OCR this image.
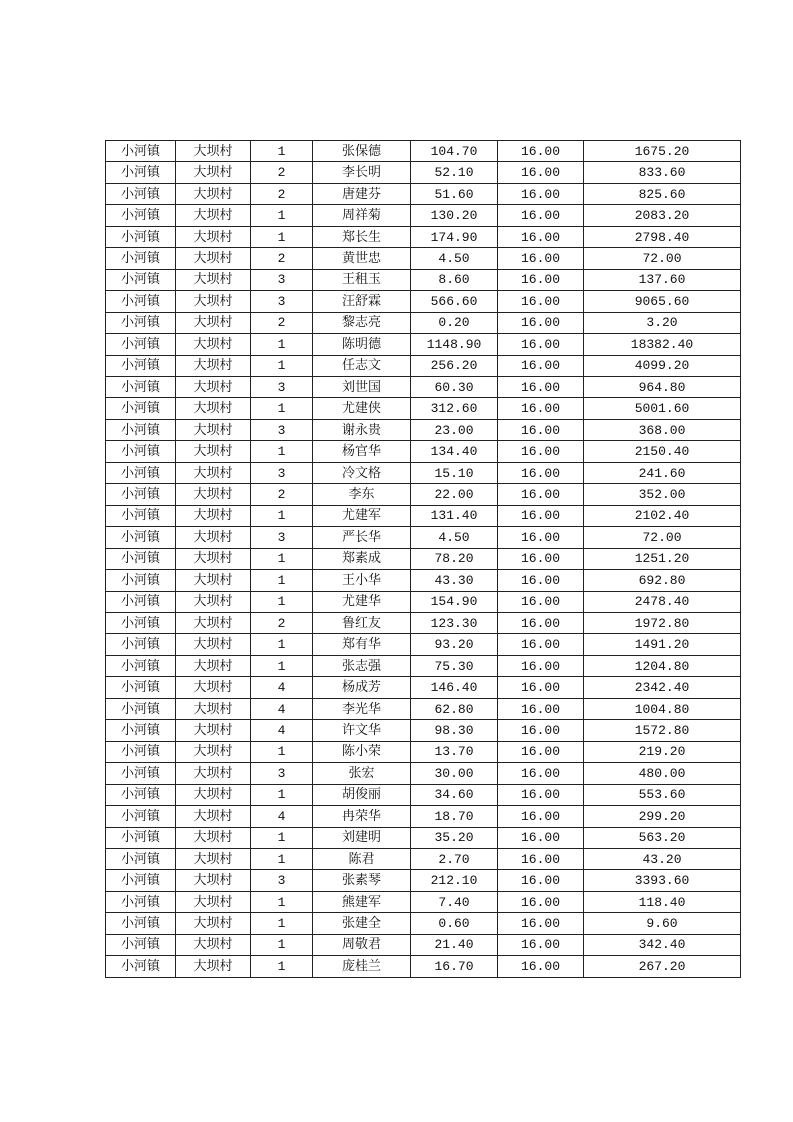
小河镇	大坝村	1	张保德	104.70	16.00	1675.20
小河镇	大坝村	2	李长明	52.10	16.00	833.60
小河镇	大坝村	2	唐建芬	51.60	16.00	825.60
小河镇	大坝村	1	周祥菊	130.20	16.00	2083.20
小河镇	大坝村	1	郑长生	174.90	16.00	2798.40
小河镇	大坝村	2	黄世忠	4.50	16.00	72.00
小河镇	大坝村	3	王租玉	8.60	16.00	137.60
小河镇	大坝村	3	汪舒霖	566.60	16.00	9065.60
小河镇	大坝村	2	黎志亮	0.20	16.00	3.20
小河镇	大坝村	1	陈明德	1148.90	16.00	18382.40
小河镇	大坝村	1	任志文	256.20	16.00	4099.20
小河镇	大坝村	3	刘世国	60.30	16.00	964.80
小河镇	大坝村	1	尤建侠	312.60	16.00	5001.60
小河镇	大坝村	3	谢永贵	23.00	16.00	368.00
小河镇	大坝村	1	杨官华	134.40	16.00	2150.40
小河镇	大坝村	3	冷文格	15.10	16.00	241.60
小河镇	大坝村	2	李东	22.00	16.00	352.00
小河镇	大坝村	1	尤建军	131.40	16.00	2102.40
小河镇	大坝村	3	严长华	4.50	16.00	72.00
小河镇	大坝村	1	郑素成	78.20	16.00	1251.20
小河镇	大坝村	1	王小华	43.30	16.00	692.80
小河镇	大坝村	1	尤建华	154.90	16.00	2478.40
小河镇	大坝村	2	鲁红友	123.30	16.00	1972.80
小河镇	大坝村	1	郑有华	93.20	16.00	1491.20
小河镇	大坝村	1	张志强	75.30	16.00	1204.80
小河镇	大坝村	4	杨成芳	146.40	16.00	2342.40
小河镇	大坝村	4	李光华	62.80	16.00	1004.80
小河镇	大坝村	4	许文华	98.30	16.00	1572.80
小河镇	大坝村	1	陈小荣	13.70	16.00	219.20
小河镇	大坝村	3	张宏	30.00	16.00	480.00
小河镇	大坝村	1	胡俊丽	34.60	16.00	553.60
小河镇	大坝村	4	冉荣华	18.70	16.00	299.20
小河镇	大坝村	1	刘建明	35.20	16.00	563.20
小河镇	大坝村	1	陈君	2.70	16.00	43.20
小河镇	大坝村	3	张素琴	212.10	16.00	3393.60
小河镇	大坝村	1	熊建军	7.40	16.00	118.40
小河镇	大坝村	1	张建全	0.60	16.00	9.60
小河镇	大坝村	1	周敬君	21.40	16.00	342.40
小河镇	大坝村	1	庞桂兰	16.70	16.00	267.20
